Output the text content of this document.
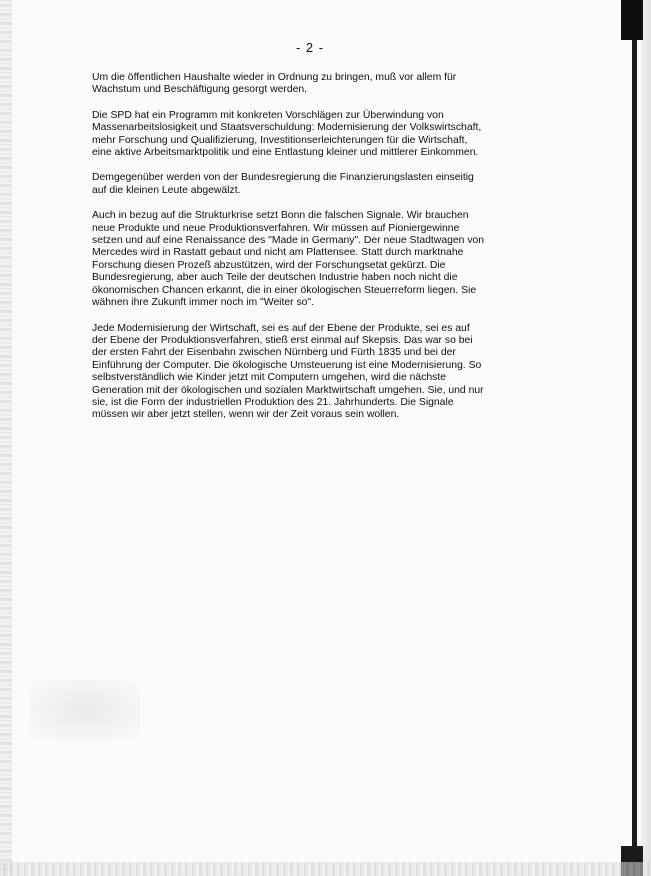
- 2 -

Um die öffentlichen Haushalte wieder in Ordnung zu bringen, muß vor allem für
Wachstum und Beschäftigung gesorgt werden.

Die SPD hat ein Programm mit konkreten Vorschlägen zur Überwindung von
Massenarbeitslosigkeit und Staatsverschuldung: Modernisierung der Volkswirtschaft,
mehr Forschung und Qualifizierung, Investitionserleichterungen für die Wirtschaft,
eine aktive Arbeitsmarktpolitik und eine Entlastung kleiner und mittlerer Einkommen.

Demgegenüber werden von der Bundesregierung die Finanzierungslasten einseitig
auf die kleinen Leute abgewälzt.

Auch in bezug auf die Strukturkrise setzt Bonn die falschen Signale. Wir brauchen
neue Produkte und neue Produktionsverfahren. Wir müssen auf Pioniergewinne
setzen und auf eine Renaissance des "Made in Germany". Der neue Stadtwagen von
Mercedes wird in Rastatt gebaut und nicht am Plattensee. Statt durch marktnahe
Forschung diesen Prozeß abzustützen, wird der Forschungsetat gekürzt. Die
Bundesregierung, aber auch Teile der deutschen Industrie haben noch nicht die
ökonomischen Chancen erkannt, die in einer ökologischen Steuerreform liegen. Sie
wähnen ihre Zukunft immer noch im "Weiter so".

Jede Modernisierung der Wirtschaft, sei es auf der Ebene der Produkte, sei es auf
der Ebene der Produktionsverfahren, stieß erst einmal auf Skepsis. Das war so bei
der ersten Fahrt der Eisenbahn zwischen Nürnberg und Fürth 1835 und bei der
Einführung der Computer. Die ökologische Umsteuerung ist eine Modernisierung. So
selbstverständlich wie Kinder jetzt mit Computern umgehen, wird die nächste
Generation mit der ökologischen und sozialen Marktwirtschaft umgehen. Sie, und nur
sie, ist die Form der industriellen Produktion des 21. Jahrhunderts. Die Signale
müssen wir aber jetzt stellen, wenn wir der Zeit voraus sein wollen.
